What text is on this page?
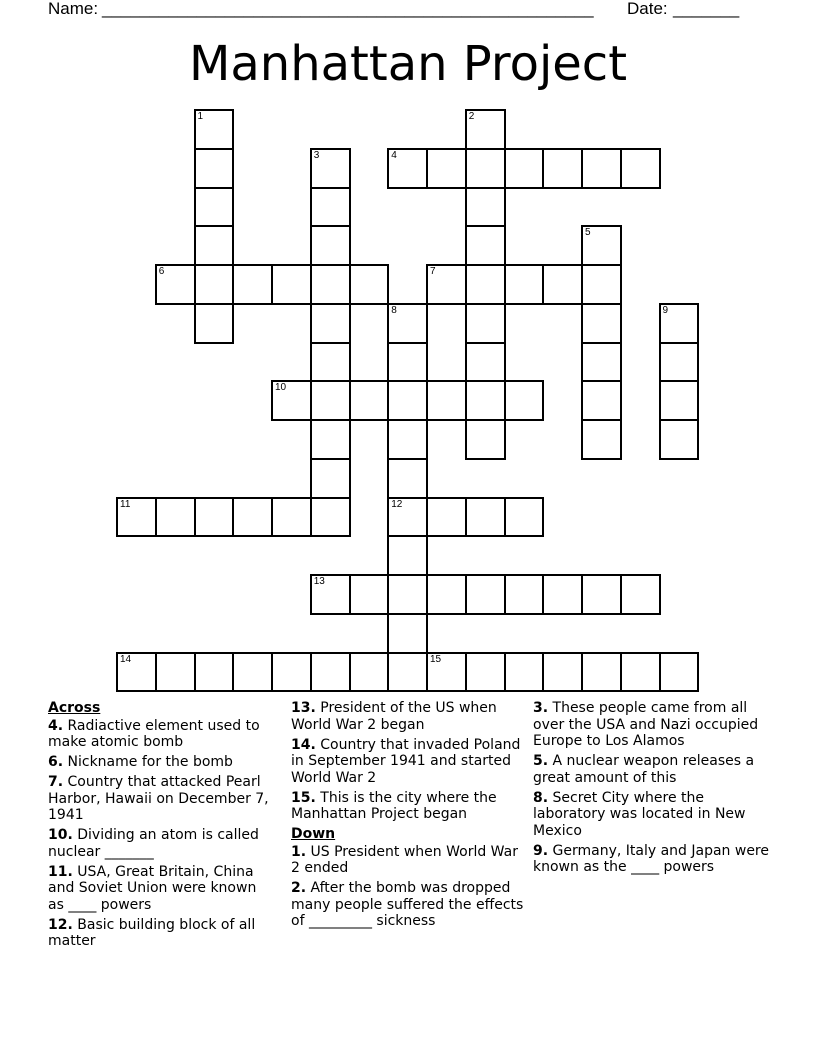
Name: ____________________________________________________ Date: _______
Manhattan Project
1	2
3	4
5
6	7
8
12
9
10
11
13
14	15
Across
4. Radiactive element used to make atomic bomb
6. Nickname for the bomb
7. Country that attacked Pearl Harbor, Hawaii on December 7, 1941
10. Dividing an atom is called nuclear _______
11. USA, Great Britain, China and Soviet Union were known as ____ powers
12. Basic building block of all matter
13. President of the US when World War 2 began
14. Country that invaded Poland in September 1941 and started World War 2
15. This is the city where the Manhattan Project began
Down
1. US President when World War 2 ended
2. After the bomb was dropped many people suffered the effects of _________ sickness
3. These people came from all over the USA and Nazi occupied Europe to Los Alamos
5. A nuclear weapon releases a great amount of this
8. Secret City where the laboratory was located in New Mexico
9. Germany, Italy and Japan were known as the ____ powers
